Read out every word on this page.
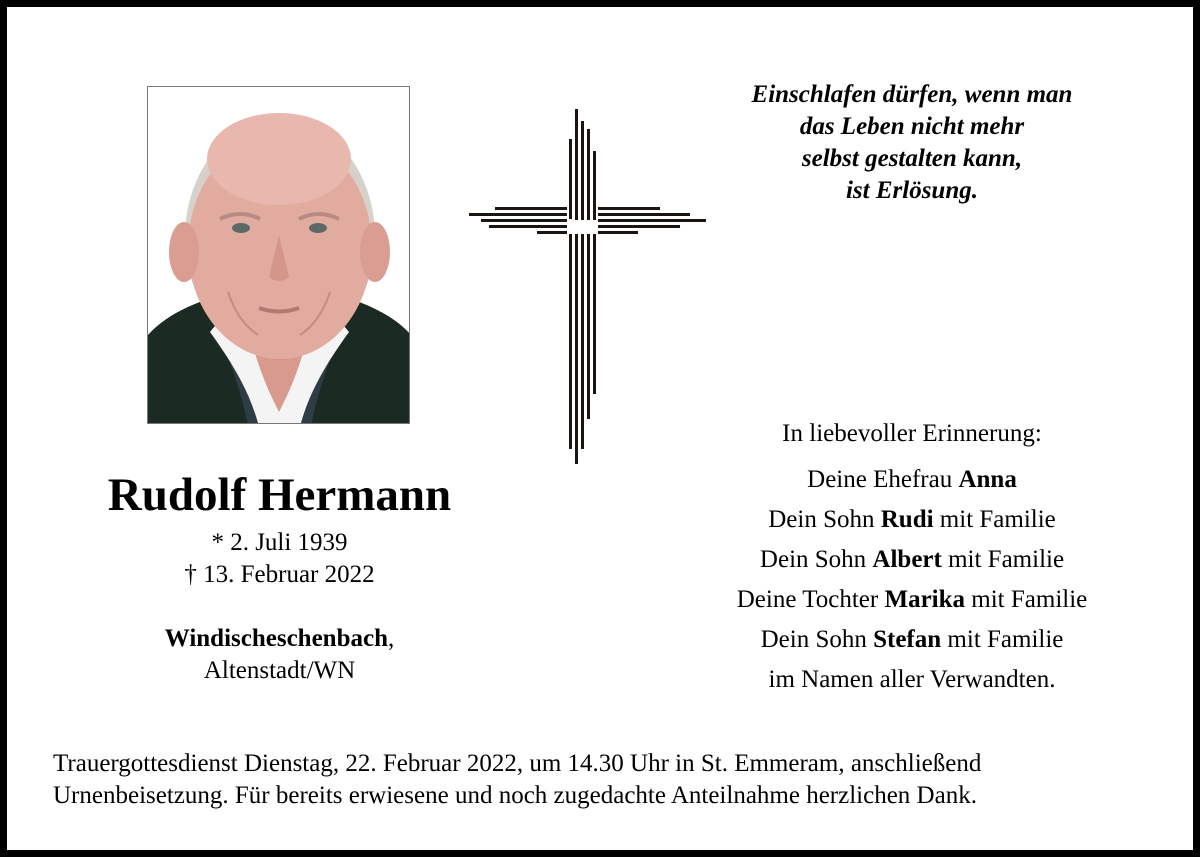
Einschlafen dürfen, wenn man
das Leben nicht mehr
selbst gestalten kann,
ist Erlösung.
Rudolf Hermann
* 2. Juli 1939
† 13. Februar 2022
Windischeschenbach,
Altenstadt/WN
In liebevoller Erinnerung:
Deine Ehefrau Anna
Dein Sohn Rudi mit Familie
Dein Sohn Albert mit Familie
Deine Tochter Marika mit Familie
Dein Sohn Stefan mit Familie
im Namen aller Verwandten.
Trauergottesdienst Dienstag, 22. Februar 2022, um 14.30 Uhr in St. Emmeram, anschließend
Urnenbeisetzung. Für bereits erwiesene und noch zugedachte Anteilnahme herzlichen Dank.
